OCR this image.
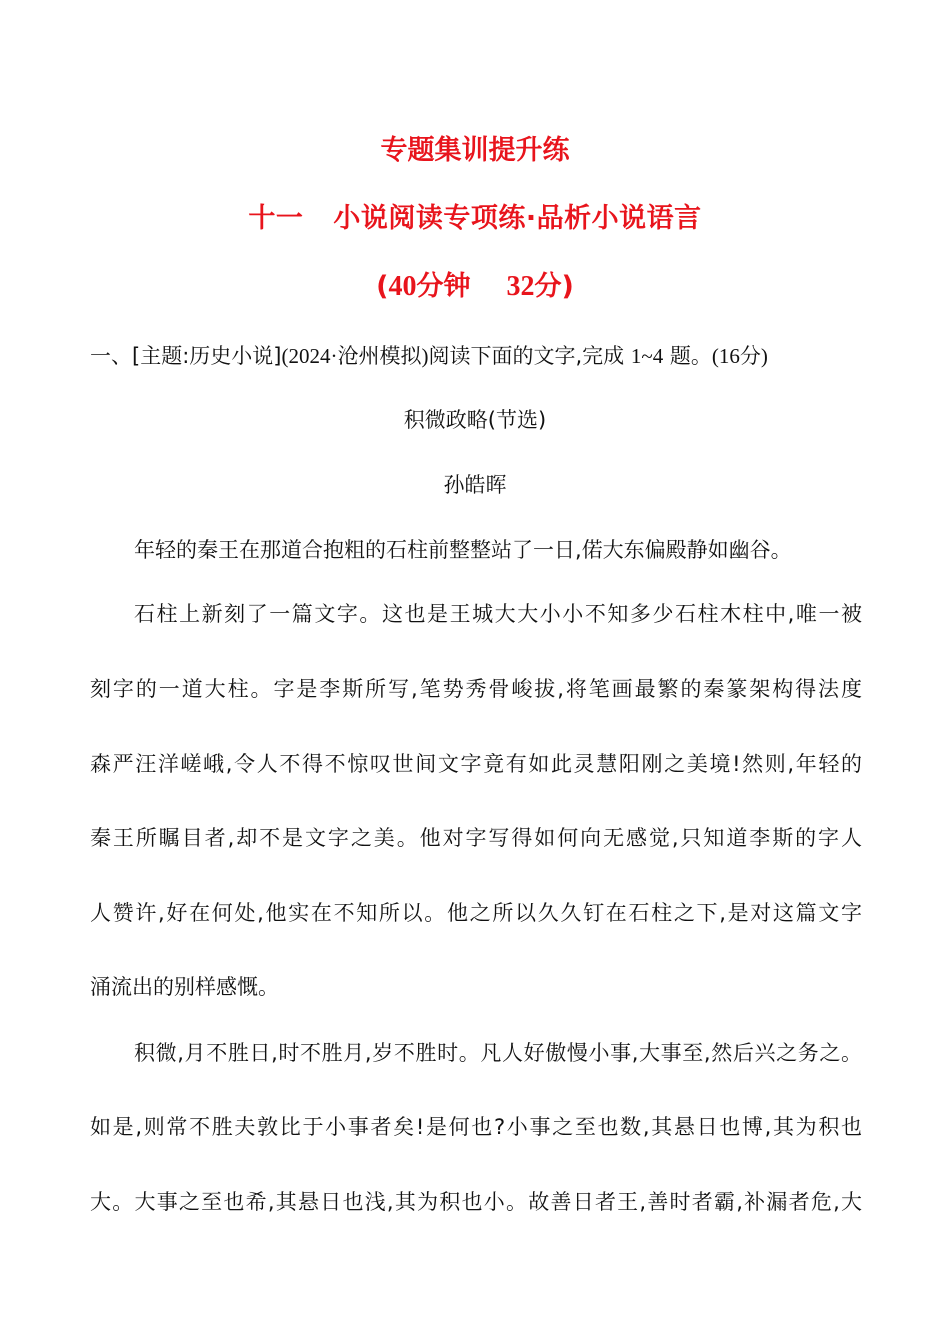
专题集训提升练
十一 小说阅读专项练·品析小说语言
(40分钟 32分)
一、[主题:历史小说](2024·沧州模拟)阅读下面的文字,完成 1~4 题。(16分)
积微政略(节选)
孙皓晖
年轻的秦王在那道合抱粗的石柱前整整站了一日,偌大东偏殿静如幽谷。
石柱上新刻了一篇文字。这也是王城大大小小不知多少石柱木柱中,唯一被
刻字的一道大柱。字是李斯所写,笔势秀骨峻拔,将笔画最繁的秦篆架构得法度
森严汪洋嵯峨,令人不得不惊叹世间文字竟有如此灵慧阳刚之美境!然则,年轻的
秦王所瞩目者,却不是文字之美。他对字写得如何向无感觉,只知道李斯的字人
人赞许,好在何处,他实在不知所以。他之所以久久钉在石柱之下,是对这篇文字
涌流出的别样感慨。
积微,月不胜日,时不胜月,岁不胜时。凡人好傲慢小事,大事至,然后兴之务之。
如是,则常不胜夫敦比于小事者矣!是何也?小事之至也数,其悬日也博,其为积也
大。大事之至也希,其悬日也浅,其为积也小。故善日者王,善时者霸,补漏者危,大
